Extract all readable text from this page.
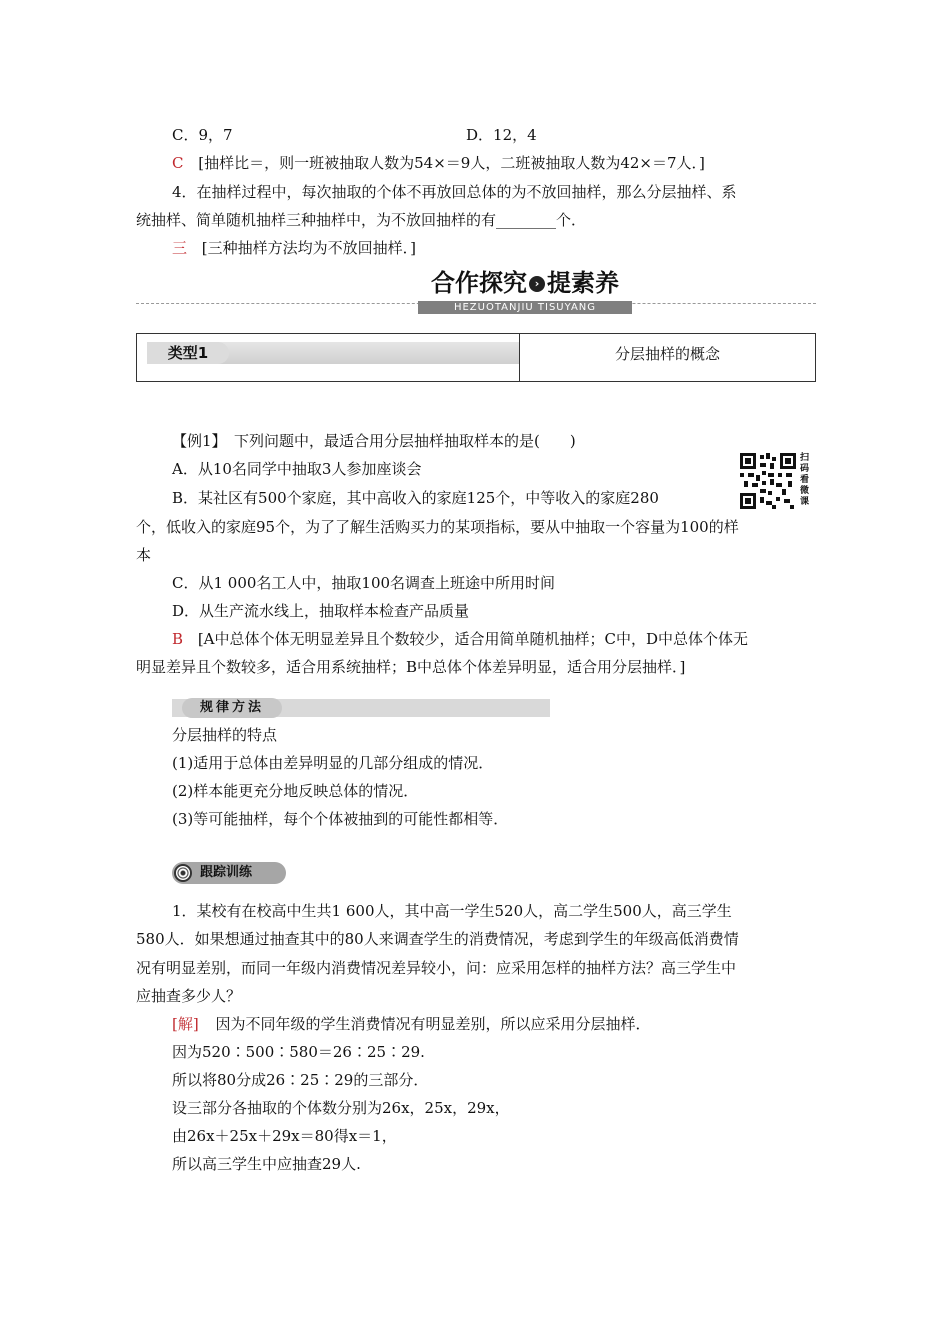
C．9，7	D．12，4
C [抽样比＝，则一班被抽取人数为54×＝9人，二班被抽取人数为42×＝7人．]
4．在抽样过程中，每次抽取的个体不再放回总体的为不放回抽样，那么分层抽样、系
统抽样、简单随机抽样三种抽样中，为不放回抽样的有________个．
三 [三种抽样方法均为不放回抽样．]
合作探究 › 提素养
HEZUOTANJIU TISUYANG
类型1	分层抽样的概念
【例1】　下列问题中，最适合用分层抽样抽取样本的是(　　)
A．从10名同学中抽取3人参加座谈会
B．某社区有500个家庭，其中高收入的家庭125个，中等收入的家庭280
个，低收入的家庭95个，为了了解生活购买力的某项指标，要从中抽取一个容量为100的样
本
C．从1 000名工人中，抽取100名调查上班途中所用时间
D．从生产流水线上，抽取样本检查产品质量
B [A中总体个体无明显差异且个数较少，适合用简单随机抽样；C中，D中总体个体无
明显差异且个数较多，适合用系统抽样；B中总体个体差异明显，适合用分层抽样．]
扫码看微课
规律方法
分层抽样的特点
(1)适用于总体由差异明显的几部分组成的情况．
(2)样本能更充分地反映总体的情况．
(3)等可能抽样，每个个体被抽到的可能性都相等．
跟踪训练
1．某校有在校高中生共1 600人，其中高一学生520人，高二学生500人，高三学生
580人．如果想通过抽查其中的80人来调查学生的消费情况，考虑到学生的年级高低消费情
况有明显差别，而同一年级内消费情况差异较小，问：应采用怎样的抽样方法？高三学生中
应抽查多少人？
[解] 因为不同年级的学生消费情况有明显差别，所以应采用分层抽样．
因为520∶500∶580＝26∶25∶29.
所以将80分成26∶25∶29的三部分．
设三部分各抽取的个体数分别为26x，25x，29x，
由26x＋25x＋29x＝80得x＝1，
所以高三学生中应抽查29人.
